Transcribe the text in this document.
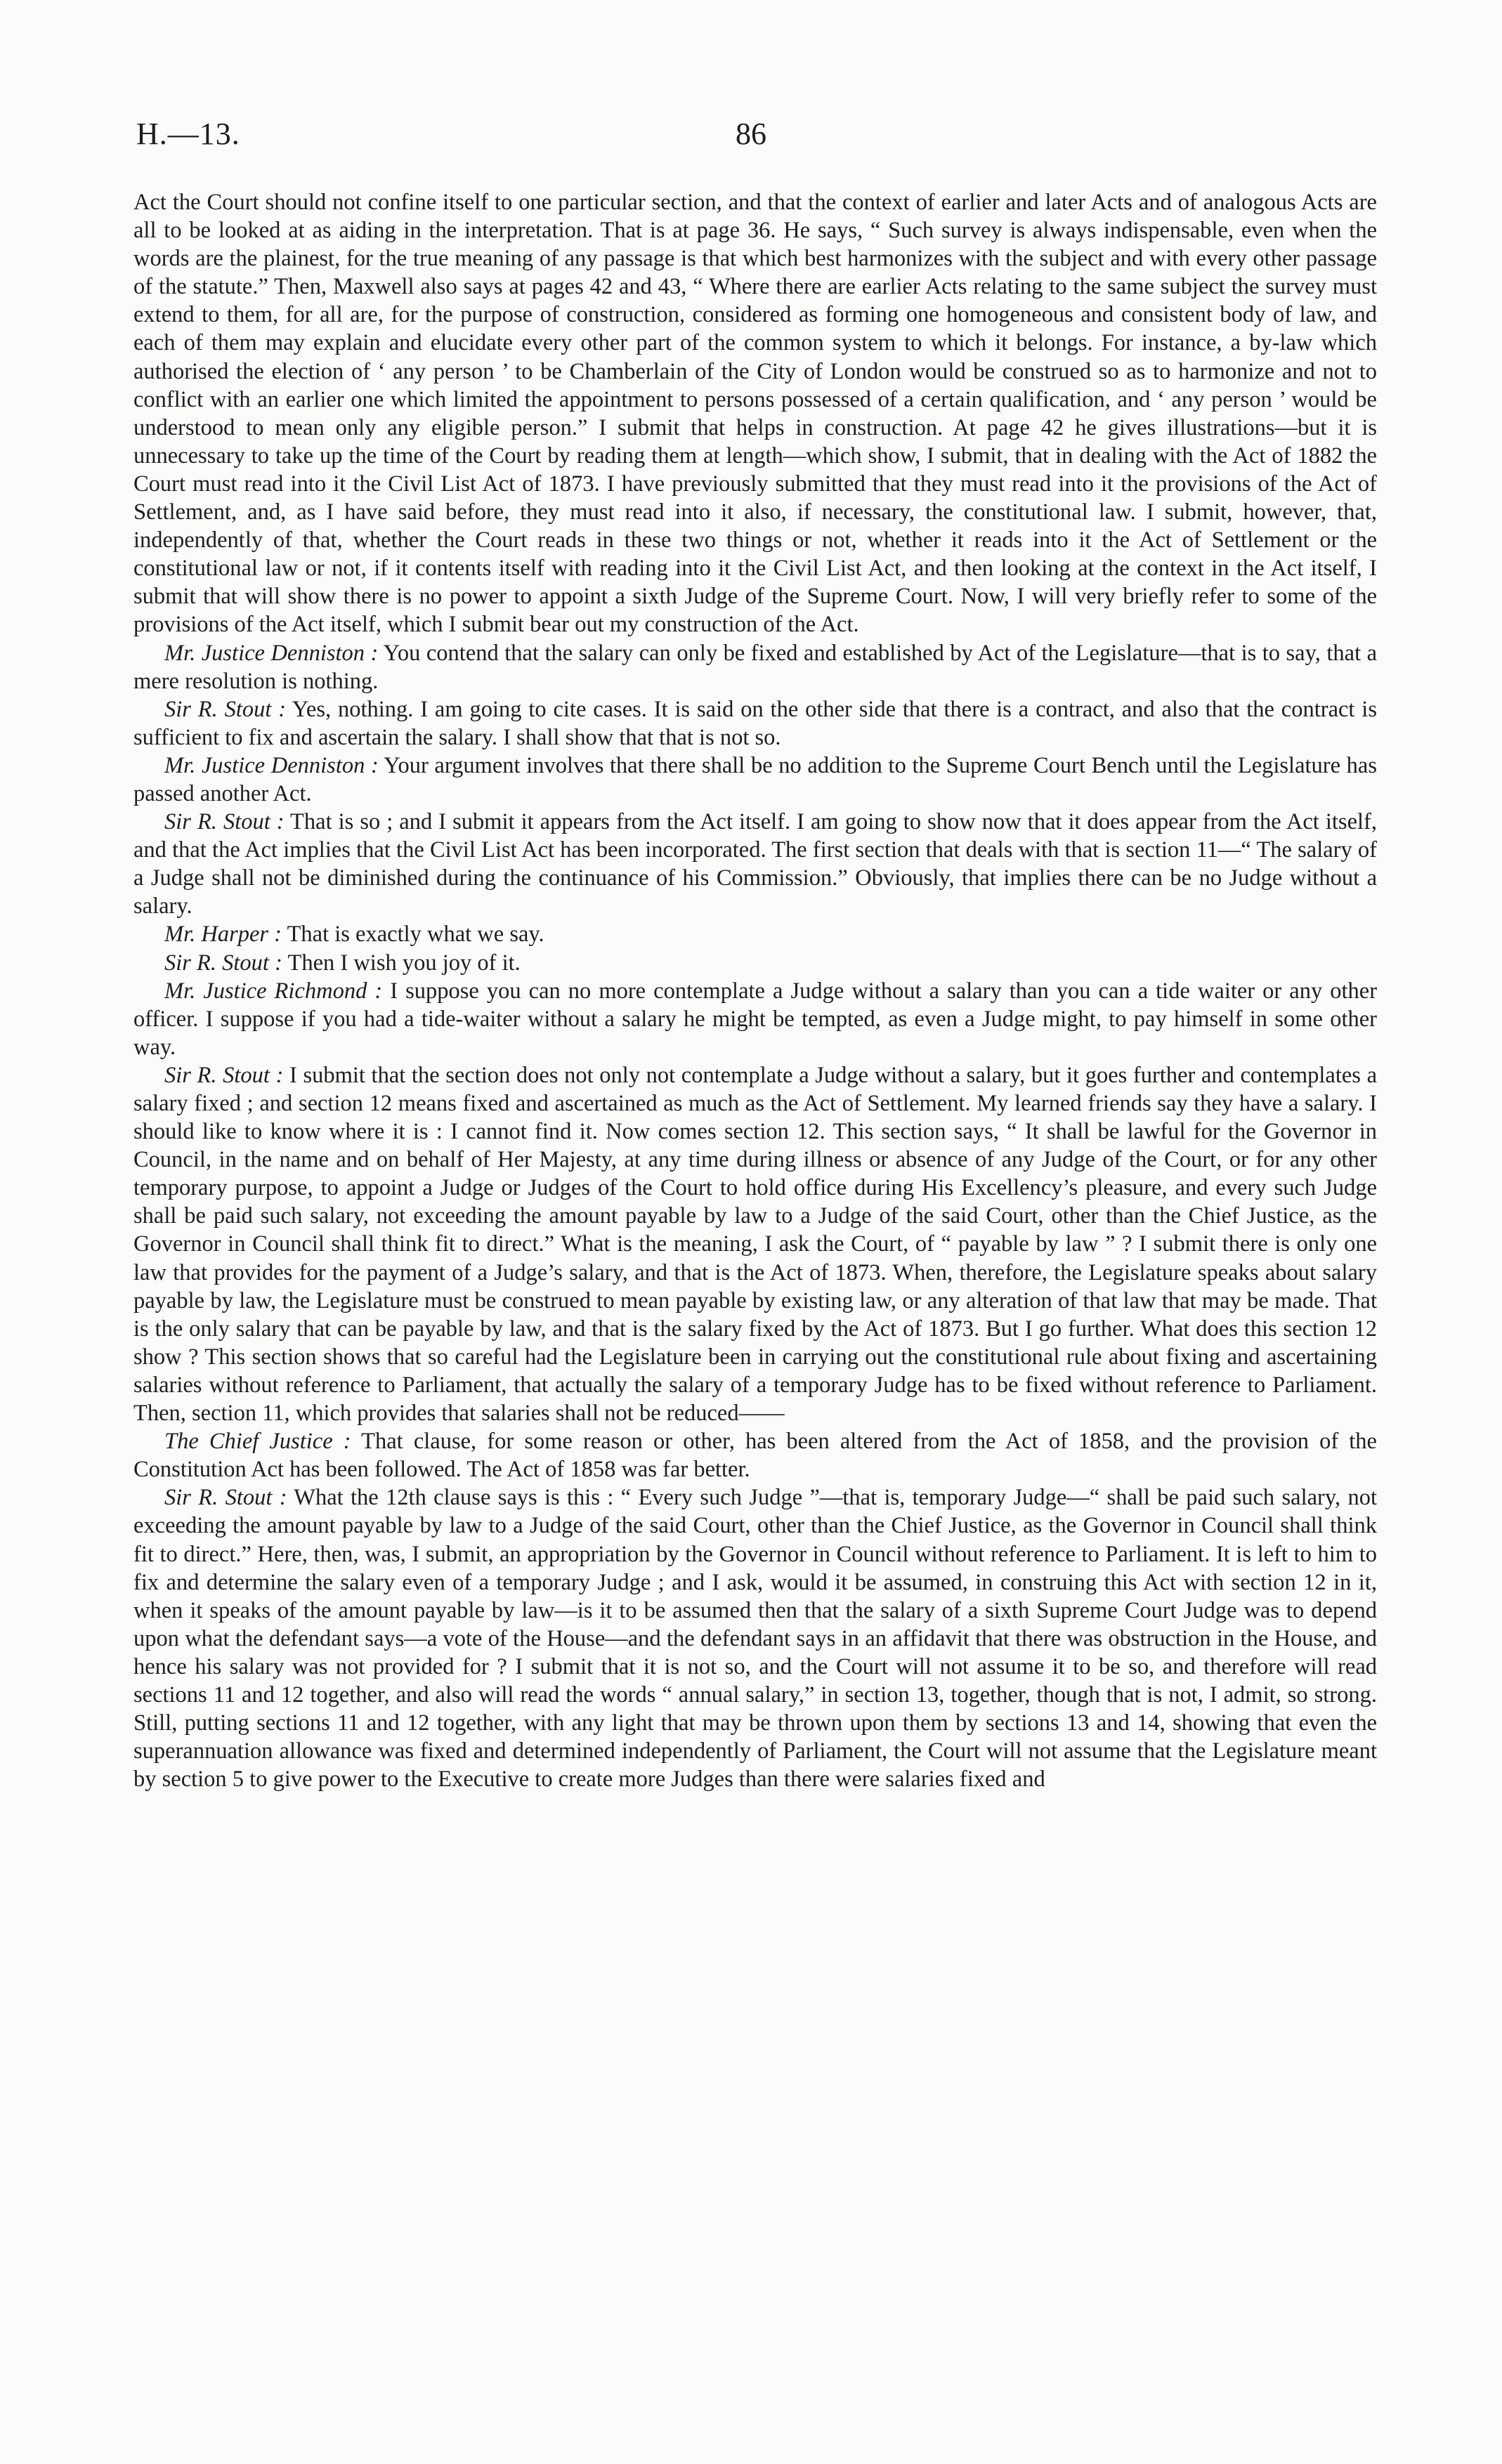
H.—13.	86

Act the Court should not confine itself to one particular section, and that the context of earlier and later Acts and of analogous Acts are all to be looked at as aiding in the interpretation. That is at page 36. He says, “ Such survey is always indispensable, even when the words are the plainest, for the true meaning of any passage is that which best harmonizes with the subject and with every other passage of the statute.” Then, Maxwell also says at pages 42 and 43, “ Where there are earlier Acts relating to the same subject the survey must extend to them, for all are, for the purpose of construction, considered as forming one homogeneous and consistent body of law, and each of them may explain and elucidate every other part of the common system to which it belongs. For instance, a by-law which authorised the election of ‘ any person ’ to be Chamberlain of the City of London would be construed so as to harmonize and not to conflict with an earlier one which limited the appointment to persons possessed of a certain qualification, and ‘ any person ’ would be understood to mean only any eligible person.” I submit that helps in construction. At page 42 he gives illustrations—but it is unnecessary to take up the time of the Court by reading them at length—which show, I submit, that in dealing with the Act of 1882 the Court must read into it the Civil List Act of 1873. I have previously submitted that they must read into it the provisions of the Act of Settlement, and, as I have said before, they must read into it also, if necessary, the constitutional law. I submit, however, that, independently of that, whether the Court reads in these two things or not, whether it reads into it the Act of Settlement or the constitutional law or not, if it contents itself with reading into it the Civil List Act, and then looking at the context in the Act itself, I submit that will show there is no power to appoint a sixth Judge of the Supreme Court. Now, I will very briefly refer to some of the provisions of the Act itself, which I submit bear out my construction of the Act.

Mr. Justice Denniston : You contend that the salary can only be fixed and established by Act of the Legislature—that is to say, that a mere resolution is nothing.

Sir R. Stout : Yes, nothing. I am going to cite cases. It is said on the other side that there is a contract, and also that the contract is sufficient to fix and ascertain the salary. I shall show that that is not so.

Mr. Justice Denniston : Your argument involves that there shall be no addition to the Supreme Court Bench until the Legislature has passed another Act.

Sir R. Stout : That is so ; and I submit it appears from the Act itself. I am going to show now that it does appear from the Act itself, and that the Act implies that the Civil List Act has been incorporated. The first section that deals with that is section 11—“ The salary of a Judge shall not be diminished during the continuance of his Commission.” Obviously, that implies there can be no Judge without a salary.

Mr. Harper : That is exactly what we say.

Sir R. Stout : Then I wish you joy of it.

Mr. Justice Richmond : I suppose you can no more contemplate a Judge without a salary than you can a tide waiter or any other officer. I suppose if you had a tide-waiter without a salary he might be tempted, as even a Judge might, to pay himself in some other way.

Sir R. Stout : I submit that the section does not only not contemplate a Judge without a salary, but it goes further and contemplates a salary fixed ; and section 12 means fixed and ascertained as much as the Act of Settlement. My learned friends say they have a salary. I should like to know where it is : I cannot find it. Now comes section 12. This section says, “ It shall be lawful for the Governor in Council, in the name and on behalf of Her Majesty, at any time during illness or absence of any Judge of the Court, or for any other temporary purpose, to appoint a Judge or Judges of the Court to hold office during His Excellency’s pleasure, and every such Judge shall be paid such salary, not exceeding the amount payable by law to a Judge of the said Court, other than the Chief Justice, as the Governor in Council shall think fit to direct.” What is the meaning, I ask the Court, of “ payable by law ” ? I submit there is only one law that provides for the payment of a Judge’s salary, and that is the Act of 1873. When, therefore, the Legislature speaks about salary payable by law, the Legislature must be construed to mean payable by existing law, or any alteration of that law that may be made. That is the only salary that can be payable by law, and that is the salary fixed by the Act of 1873. But I go further. What does this section 12 show ? This section shows that so careful had the Legislature been in carrying out the constitutional rule about fixing and ascertaining salaries without reference to Parliament, that actually the salary of a temporary Judge has to be fixed without reference to Parliament. Then, section 11, which provides that salaries shall not be reduced——

The Chief Justice : That clause, for some reason or other, has been altered from the Act of 1858, and the provision of the Constitution Act has been followed. The Act of 1858 was far better.

Sir R. Stout : What the 12th clause says is this : “ Every such Judge ”—that is, temporary Judge—“ shall be paid such salary, not exceeding the amount payable by law to a Judge of the said Court, other than the Chief Justice, as the Governor in Council shall think fit to direct.” Here, then, was, I submit, an appropriation by the Governor in Council without reference to Parliament. It is left to him to fix and determine the salary even of a temporary Judge ; and I ask, would it be assumed, in construing this Act with section 12 in it, when it speaks of the amount payable by law—is it to be assumed then that the salary of a sixth Supreme Court Judge was to depend upon what the defendant says—a vote of the House—and the defendant says in an affidavit that there was obstruction in the House, and hence his salary was not provided for ? I submit that it is not so, and the Court will not assume it to be so, and therefore will read sections 11 and 12 together, and also will read the words “ annual salary,” in section 13, together, though that is not, I admit, so strong. Still, putting sections 11 and 12 together, with any light that may be thrown upon them by sections 13 and 14, showing that even the superannuation allowance was fixed and determined independently of Parliament, the Court will not assume that the Legislature meant by section 5 to give power to the Executive to create more Judges than there were salaries fixed and
